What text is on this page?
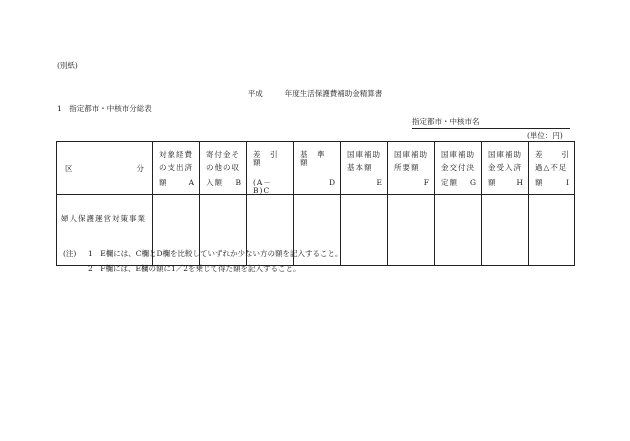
(別紙)
平成	年度生活保護費補助金精算書
1　指定都市・中核市分総表
指定都市・中核市名
(単位：円)
区 分	対象経費
の支出済
額 A	寄付金そ
の他の収
入額 B	差　引　額
(A－B)C	基　準　額
D	国庫補助
基本額
E	国庫補助
所要額
F	国庫補助
金交付決
定額 G	国庫補助
金受入済
額 H	差 引
過△不足
額 I

婦人保護運営対策事業									
(注) 1　E欄には、C欄とD欄を比較していずれか少ない方の額を記入すること。
2　F欄には、E欄の額に1／2を乗じて得た額を記入すること。
